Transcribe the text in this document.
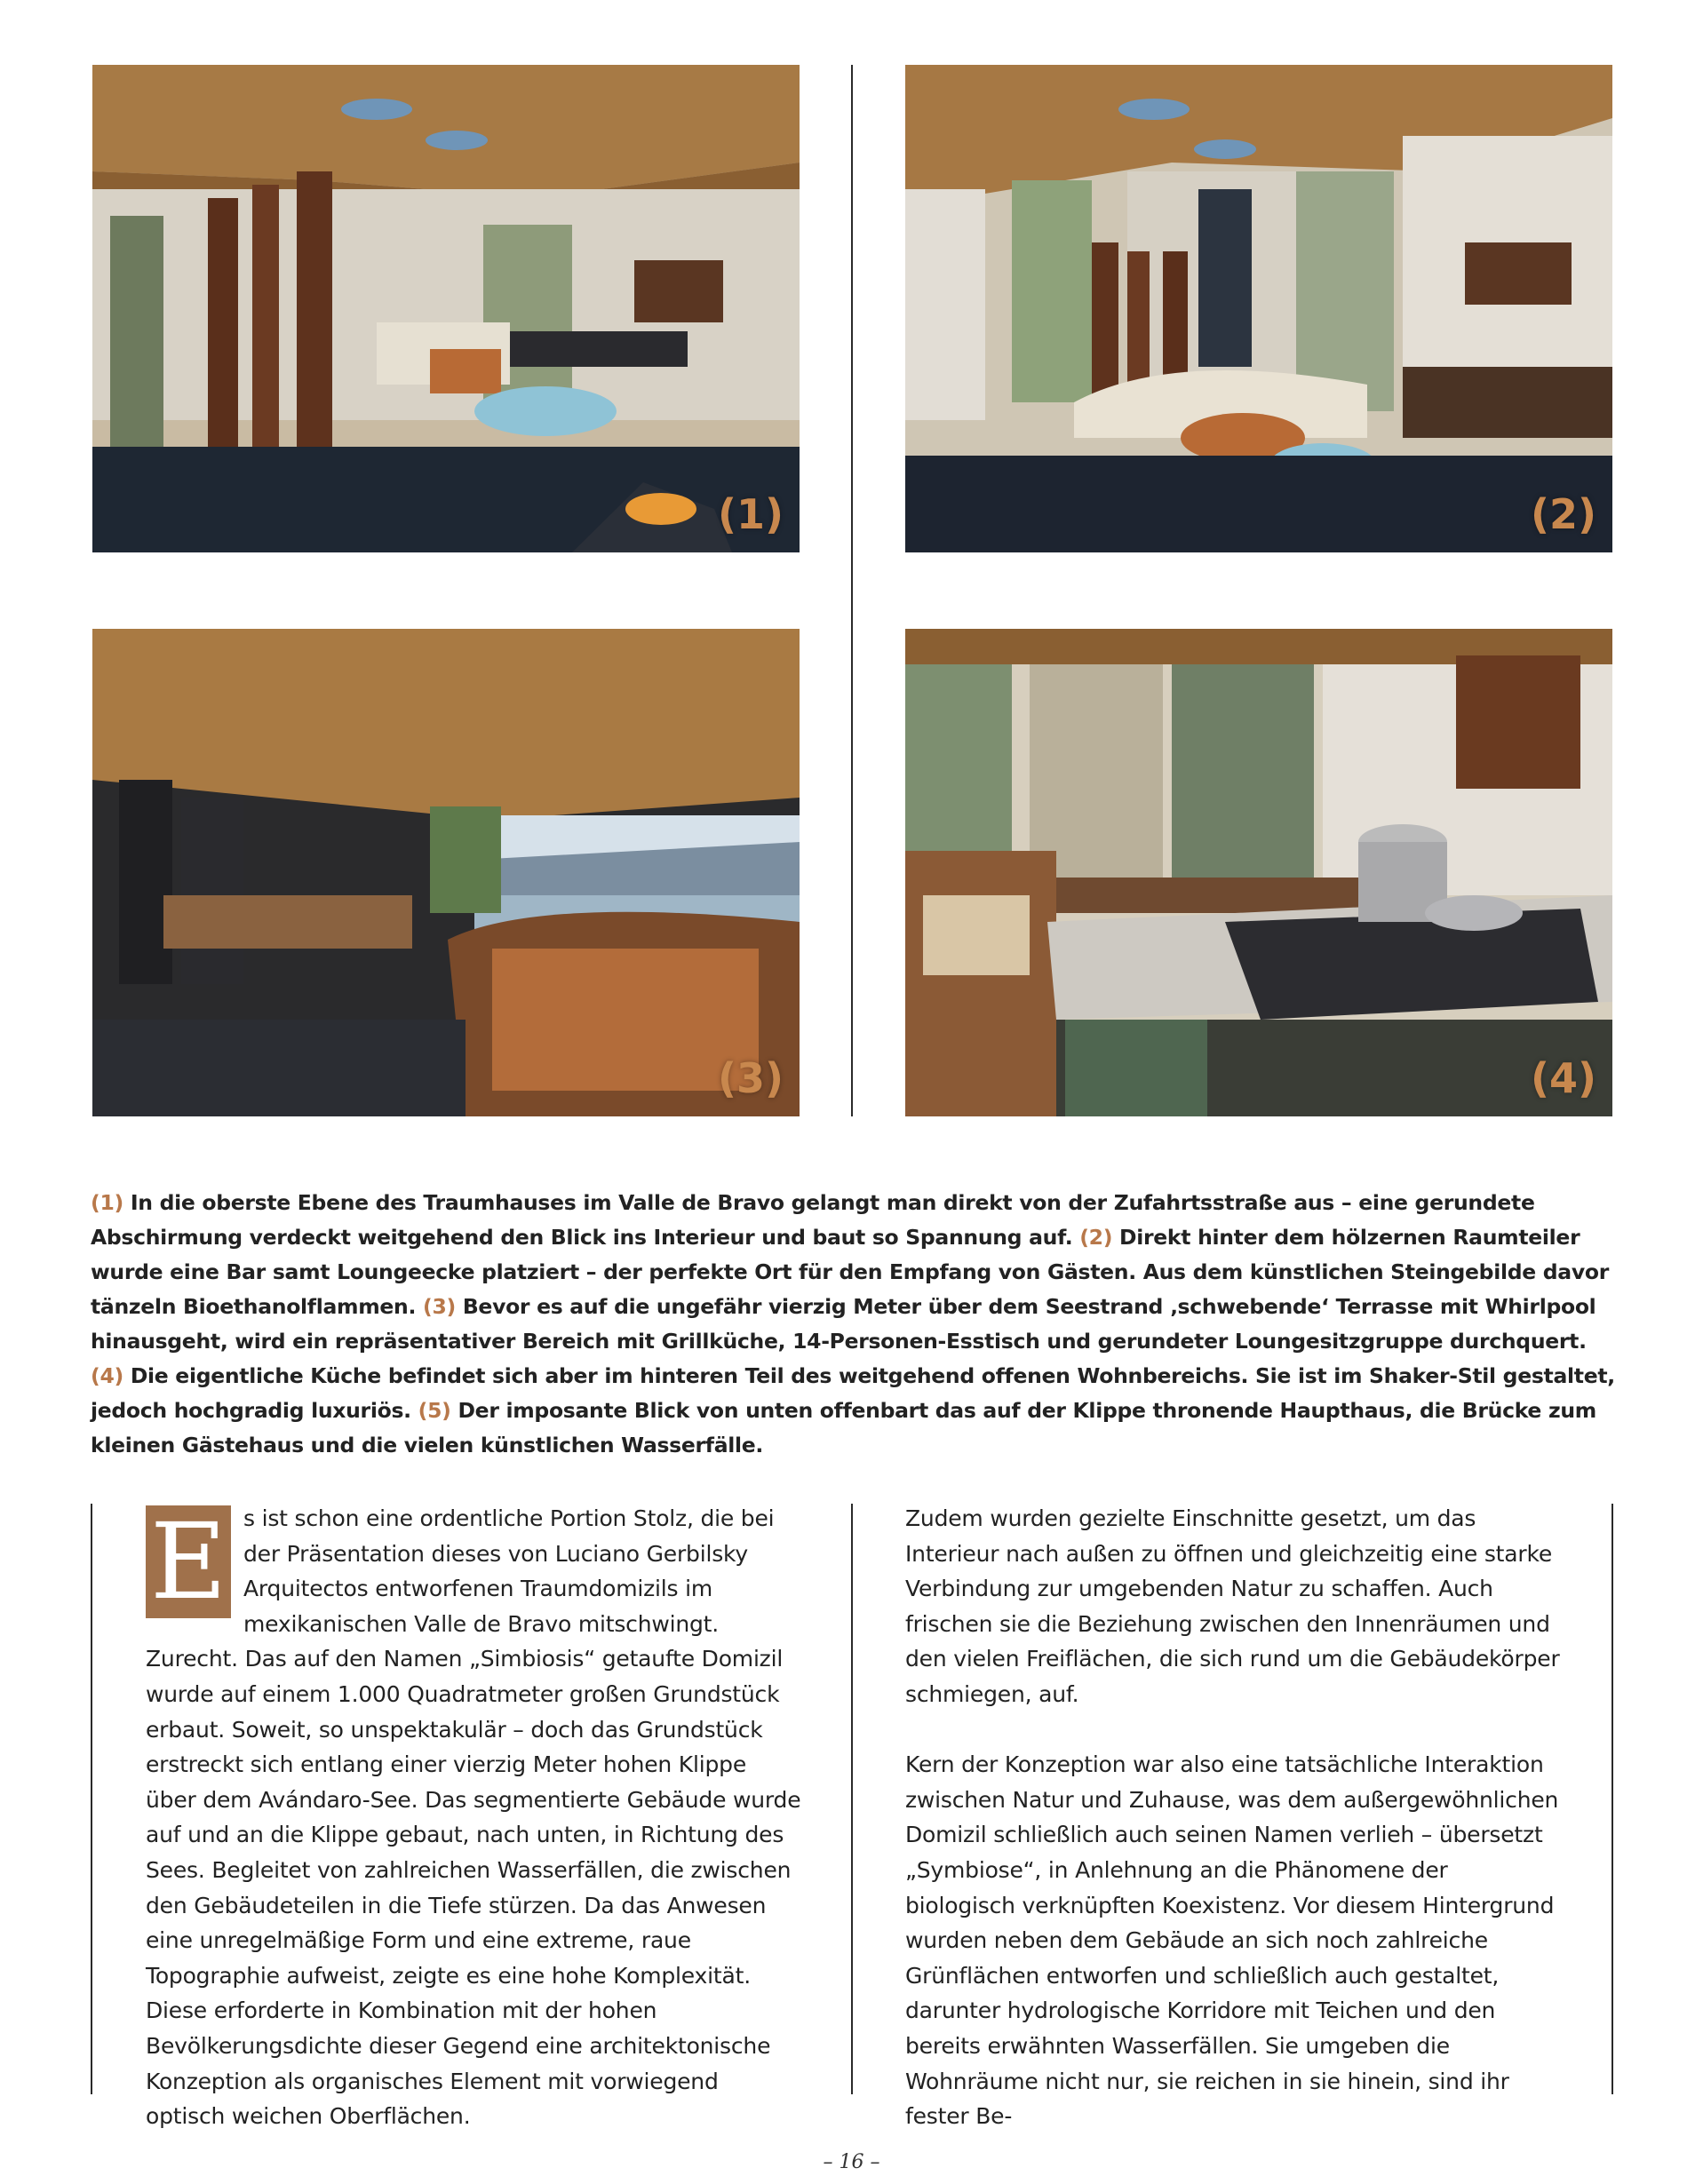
(1)	(2)
(3)	(4)
(1) In die oberste Ebene des Traumhauses im Valle de Bravo gelangt man direkt von der Zufahrtsstraße aus – eine gerundete Abschirmung verdeckt weitgehend den Blick ins Interieur und baut so Spannung auf. (2) Direkt hinter dem hölzernen Raumteiler wurde eine Bar samt Loungeecke platziert – der perfekte Ort für den Empfang von Gästen. Aus dem künstlichen Steingebilde davor tänzeln Bioethanolflammen. (3) Bevor es auf die ungefähr vierzig Meter über dem Seestrand ‚schwebende‘ Terrasse mit Whirlpool hinausgeht, wird ein repräsentativer Bereich mit Grillküche, 14-Personen-Esstisch und gerundeter Loungesitzgruppe durchquert. (4) Die eigentliche Küche befindet sich aber im hinteren Teil des weitgehend offenen Wohnbereichs. Sie ist im Shaker-Stil gestaltet, jedoch hochgradig luxuriös. (5) Der imposante Blick von unten offenbart das auf der Klippe thronende Haupthaus, die Brücke zum kleinen Gästehaus und die vielen künstlichen Wasserfälle.

E s ist schon eine ordentliche Portion Stolz, die bei der Präsentation dieses von Luciano Gerbilsky Arquitectos entworfenen Traumdomizils im mexikanischen Valle de Bravo mitschwingt. Zurecht. Das auf den Namen „Simbiosis“ getaufte Domizil wurde auf einem 1.000 Quadratmeter großen Grundstück erbaut. Soweit, so unspektakulär – doch das Grundstück erstreckt sich entlang einer vierzig Meter hohen Klippe über dem Avándaro-See. Das segmentierte Gebäude wurde auf und an die Klippe gebaut, nach unten, in Richtung des Sees. Begleitet von zahlreichen Wasserfällen, die zwischen den Gebäudeteilen in die Tiefe stürzen. Da das Anwesen eine unregelmäßige Form und eine extreme, raue Topographie aufweist, zeigte es eine hohe Komplexität. Diese erforderte in Kombination mit der hohen Bevölkerungsdichte dieser Gegend eine architektonische Konzeption als organisches Element mit vorwiegend optisch weichen Oberflächen.

Zudem wurden gezielte Einschnitte gesetzt, um das Interieur nach außen zu öffnen und gleichzeitig eine starke Verbindung zur umgebenden Natur zu schaffen. Auch frischen sie die Beziehung zwischen den Innenräumen und den vielen Freiflächen, die sich rund um die Gebäudekörper schmiegen, auf.

Kern der Konzeption war also eine tatsächliche Interaktion zwischen Natur und Zuhause, was dem außergewöhnlichen Domizil schließlich auch seinen Namen verlieh – übersetzt „Symbiose“, in Anlehnung an die Phänomene der biologisch verknüpften Koexistenz. Vor diesem Hintergrund wurden neben dem Gebäude an sich noch zahlreiche Grünflächen entworfen und schließlich auch gestaltet, darunter hydrologische Korridore mit Teichen und den bereits erwähnten Wasserfällen. Sie umgeben die Wohnräume nicht nur, sie reichen in sie hinein, sind ihr fester Be-

– 16 –
